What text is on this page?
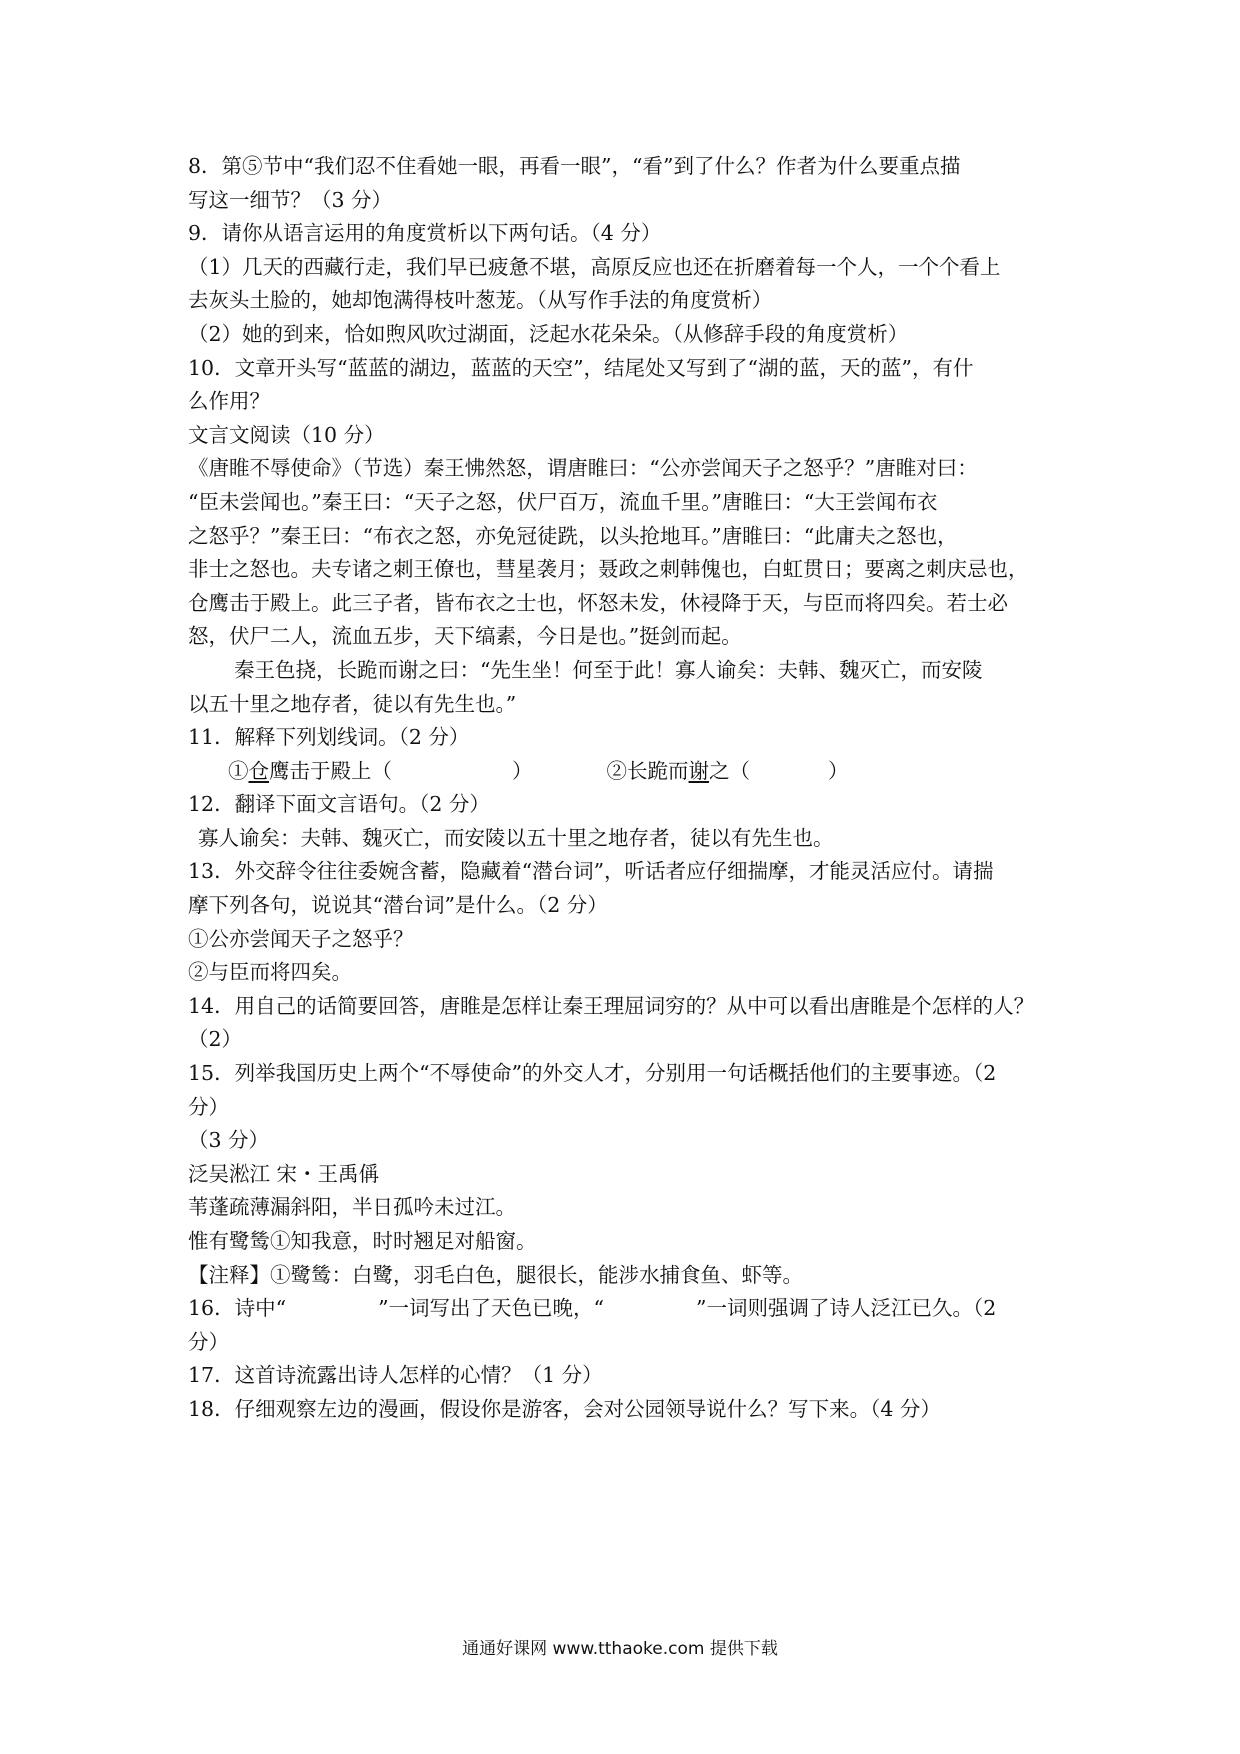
8．第⑤节中“我们忍不住看她一眼，再看一眼”，“看”到了什么？作者为什么要重点描
写这一细节？（3 分）
9．请你从语言运用的角度赏析以下两句话。（4 分）
（1）几天的西藏行走，我们早已疲惫不堪，高原反应也还在折磨着每一个人，一个个看上
去灰头土脸的，她却饱满得枝叶葱茏。（从写作手法的角度赏析）
（2）她的到来，恰如煦风吹过湖面，泛起水花朵朵。（从修辞手段的角度赏析）
10．文章开头写“蓝蓝的湖边，蓝蓝的天空”，结尾处又写到了“湖的蓝，天的蓝”，有什
么作用？
文言文阅读（10 分）
《唐睢不辱使命》（节选）秦王怫然怒，谓唐睢曰：“公亦尝闻天子之怒乎？”唐睢对曰：
“臣未尝闻也。”秦王曰：“天子之怒，伏尸百万，流血千里。”唐睢曰：“大王尝闻布衣
之怒乎？”秦王曰：“布衣之怒，亦免冠徒跣，以头抢地耳。”唐睢曰：“此庸夫之怒也，
非士之怒也。夫专诸之刺王僚也，彗星袭月；聂政之刺韩傀也，白虹贯日；要离之刺庆忌也，
仓鹰击于殿上。此三子者，皆布衣之士也，怀怒未发，休祲降于天，与臣而将四矣。若士必
怒，伏尸二人，流血五步，天下缟素，今日是也。”挺剑而起。
秦王色挠，长跪而谢之曰：“先生坐！何至于此！寡人谕矣：夫韩、魏灭亡，而安陵
以五十里之地存者，徒以有先生也。”
11．解释下列划线词。（2 分）
①仓鹰击于殿上（	）	②长跪而谢之（	）
12．翻译下面文言语句。（2 分）
寡人谕矣：夫韩、魏灭亡，而安陵以五十里之地存者，徒以有先生也。
13．外交辞令往往委婉含蓄，隐藏着“潜台词”，听话者应仔细揣摩，才能灵活应付。请揣
摩下列各句，说说其“潜台词”是什么。（2 分）
①公亦尝闻天子之怒乎？
②与臣而将四矣。
14．用自己的话简要回答，唐睢是怎样让秦王理屈词穷的？从中可以看出唐睢是个怎样的人？
（2）
15．列举我国历史上两个“不辱使命”的外交人才，分别用一句话概括他们的主要事迹。（2
分）
（3 分）
泛吴淞江 宋・王禹偁
苇蓬疏薄漏斜阳，半日孤吟未过江。
惟有鹭鸶①知我意，时时翘足对船窗。
【注释】①鹭鸶：白鹭，羽毛白色，腿很长，能涉水捕食鱼、虾等。
16．诗中“	”一词写出了天色已晚，“	”一词则强调了诗人泛江已久。（2
分）
17．这首诗流露出诗人怎样的心情？（1 分）
18．仔细观察左边的漫画，假设你是游客，会对公园领导说什么？写下来。（4 分）
通通好课网 www.tthaoke.com 提供下载
